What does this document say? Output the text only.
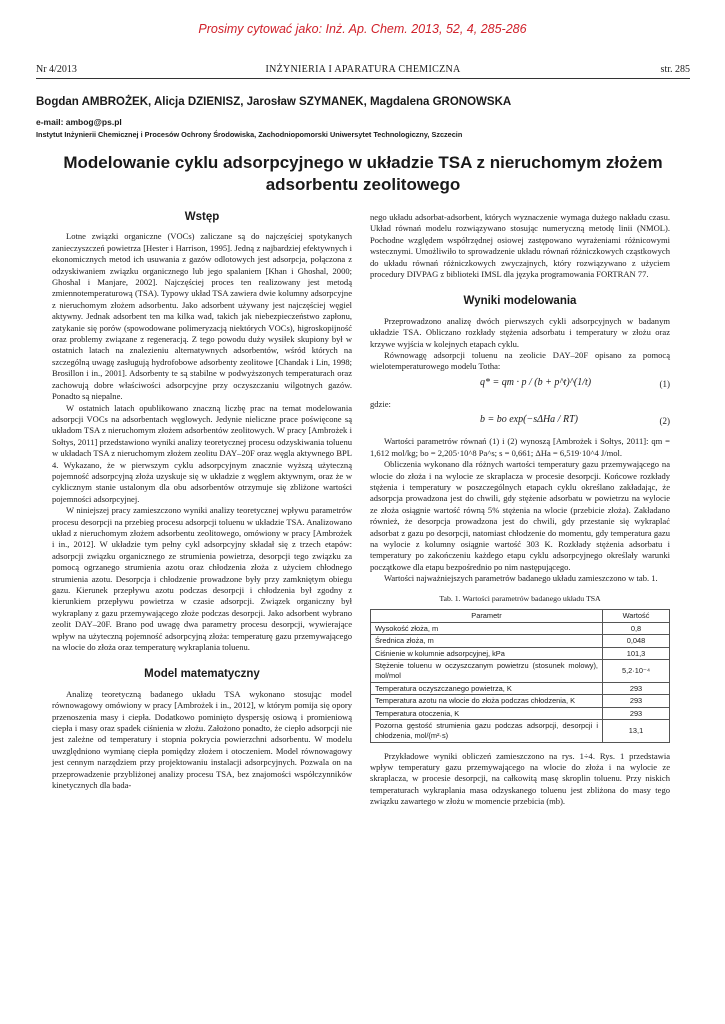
Prosimy cytować jako: Inż. Ap. Chem. 2013, 52, 4, 285-286
INŻYNIERIA I APARATURA CHEMICZNA
Nr 4/2013	str. 285
Bogdan AMBROŻEK, Alicja DZIENISZ, Jarosław SZYMANEK, Magdalena GRONOWSKA
e-mail: ambog@ps.pl
Instytut Inżynierii Chemicznej i Procesów Ochrony Środowiska, Zachodniopomorski Uniwersytet Technologiczny, Szczecin
Modelowanie cyklu adsorpcyjnego w układzie TSA z nieruchomym złożem
adsorbentu zeolitowego
Wstęp

Lotne związki organiczne (VOCs) zaliczane są do najczęściej spotykanych zanieczyszczeń powietrza [Hester i Harrison, 1995]. Jedną z najbardziej efektywnych i ekonomicznych metod ich usuwania z gazów odlotowych jest adsorpcja, połączona z odzyskiwaniem związku organicznego lub jego spalaniem [Khan i Ghoshal, 2000; Ghoshal i Manjare, 2002]. Najczęściej proces ten realizowany jest metodą zmiennotemperaturową (TSA). Typowy układ TSA zawiera dwie kolumny adsorpcyjne z nieruchomym złożem adsorbentu. Jako adsorbent używany jest najczęściej węgiel aktywny. Jednak adsorbent ten ma kilka wad, takich jak niebezpieczeństwo zapłonu, zatykanie się porów (spowodowane polimeryzacją niektórych VOCs), higroskopijność oraz problemy związane z regeneracją. Z tego powodu duży wysiłek skupiony był w ostatnich latach na znalezieniu alternatywnych adsorbentów, wśród których na szczególną uwagę zasługują hydrofobowe adsorbenty zeolitowe [Chandak i Lin, 1998; Brosillon i in., 2001]. Adsorbenty te są stabilne w podwyższonych temperaturach oraz zachowują dobre właściwości adsorpcyjne przy oczyszczaniu wilgotnych gazów. Ponadto są niepalne.

W ostatnich latach opublikowano znaczną liczbę prac na temat modelowania adsorpcji VOCs na adsorbentach węglowych. Jedynie nieliczne prace poświęcone są układom TSA z nieruchomym złożem adsorbentów zeolitowych. W pracy [Ambrożek i Sołtys, 2011] przedstawiono wyniki analizy teoretycznej procesu odzyskiwania toluenu w układach TSA z nieruchomym złożem zeolitu DAY–20F oraz węgla aktywnego BPL 4. Wykazano, że w pierwszym cyklu adsorpcyjnym znacznie wyższą użyteczną pojemność adsorpcyjną złoża uzyskuje się w układzie z węglem aktywnym, oraz że w cyklicznym stanie ustalonym dla obu adsorbentów otrzymuje się zbliżone wartości pojemności adsorpcyjnej.

W niniejszej pracy zamieszczono wyniki analizy teoretycznej wpływu parametrów procesu desorpcji na przebieg procesu adsorpcji toluenu w układzie TSA. Analizowano układ z nieruchomym złożem adsorbentu zeolitowego, omówiony w pracy [Ambrożek i in., 2012]. W układzie tym pełny cykl adsorpcyjny składał się z trzech etapów: adsorpcji związku organicznego ze strumienia powietrza, desorpcji tego związku za pomocą ogrzanego strumienia azotu oraz chłodzenia złoża z użyciem chłodnego strumienia azotu. Desorpcja i chłodzenie prowadzone były przy zamkniętym obiegu gazu. Kierunek przepływu azotu podczas desorpcji i chłodzenia był zgodny z kierunkiem przepływu powietrza w czasie adsorpcji. Związek organiczny był wykraplany z gazu przemywającego złoże podczas desorpcji. Jako adsorbent wybrano zeolit DAY–20F. Brano pod uwagę dwa parametry procesu desorpcji, wywierające wpływ na użyteczną pojemność adsorpcyjną złoża: temperaturę gazu przemywającego na wlocie do złoża oraz temperaturę wykraplania toluenu.

Model matematyczny

Analizę teoretyczną badanego układu TSA wykonano stosując model równowagowy omówiony w pracy [Ambrożek i in., 2012], w którym pomija się opory przenoszenia masy i ciepła. Dodatkowo pominięto dyspersję osiową i promieniową ciepła i masy oraz spadek ciśnienia w złożu. Założono ponadto, że ciepło adsorpcji nie jest zależne od temperatury i stopnia pokrycia powierzchni adsorbentu. W modelu uwzględniono wymianę ciepła pomiędzy złożem i otoczeniem. Model równowagowy jest cennym narzędziem przy projektowaniu instalacji adsorpcyjnych. Pozwala on na przeprowadzenie przybliżonej analizy procesu TSA, bez znajomości współczynników kinetycznych dla bada-

nego układu adsorbat-adsorbent, których wyznaczenie wymaga dużego nakładu czasu. Układ równań modelu rozwiązywano stosując numeryczną metodę linii (NMOL). Pochodne względem współrzędnej osiowej zastępowano wyrażeniami różnicowymi wstecznymi. Umożliwiło to sprowadzenie układu równań różniczkowych cząstkowych do układu równań różniczkowych zwyczajnych, który rozwiązywano z użyciem procedury DIVPAG z biblioteki IMSL dla języka programowania FORTRAN 77.

Wyniki modelowania

Przeprowadzono analizę dwóch pierwszych cykli adsorpcyjnych w badanym układzie TSA. Obliczano rozkłady stężenia adsorbatu i temperatury w złożu oraz krzywe wyjścia w kolejnych etapach cyklu.

Równowagę adsorpcji toluenu na zeolicie DAY–20F opisano za pomocą wielotemperaturowego modelu Totha:

q* = qm · p / (b + p^t)^(1/t)	(1)

gdzie:

b = bo exp(−sΔHa / RT)	(2)

Wartości parametrów równań (1) i (2) wynoszą [Ambrożek i Sołtys, 2011]: qm = 1,612 mol/kg; bo = 2,205·10^8 Pa^s; s = 0,661; ΔHa = 6,519·10^4 J/mol.

Obliczenia wykonano dla różnych wartości temperatury gazu przemywającego na wlocie do złoża i na wylocie ze skraplacza w procesie desorpcji. Końcowe rozkłady stężenia i temperatury w poszczególnych etapach cyklu określano zakładając, że adsorpcja prowadzona jest do chwili, gdy stężenie adsorbatu w powietrzu na wylocie ze złoża osiągnie wartość równą 5% stężenia na wlocie (przebicie złoża). Zakładano również, że desorpcja prowadzona jest do chwili, gdy przestanie się wykraplać adsorbat z gazu po desorpcji, natomiast chłodzenie do momentu, gdy temperatura gazu na wylocie z kolumny osiągnie wartość 303 K. Rozkłady stężenia adsorbatu i temperatury po zakończeniu każdego etapu cyklu adsorpcyjnego określały warunki początkowe dla etapu bezpośrednio po nim następującego.

Wartości najważniejszych parametrów badanego układu zamieszczono w tab. 1.

Tab. 1. Wartości parametrów badanego układu TSA
Parametr	Wartość
Wysokość złoża, m	0,8
Średnica złoża, m	0,048
Ciśnienie w kolumnie adsorpcyjnej, kPa	101,3
Stężenie toluenu w oczyszczanym powietrzu (stosunek molowy), mol/mol	5,2·10⁻⁴
Temperatura oczyszczanego powietrza, K	293
Temperatura azotu na wlocie do złoża podczas chłodzenia, K	293
Temperatura otoczenia, K	293
Pozorna gęstość strumienia gazu podczas adsorpcji, desorpcji i chłodzenia, mol/(m²·s)	13,1

Przykładowe wyniki obliczeń zamieszczono na rys. 1÷4. Rys. 1 przedstawia wpływ temperatury gazu przemywającego na wlocie do złoża i na wylocie ze skraplacza, w procesie desorpcji, na całkowitą masę skroplin toluenu. Przy niskich temperaturach wykraplania masa odzyskanego toluenu jest zbliżona do masy tego związku zawartego w złożu w momencie przebicia (mb).
